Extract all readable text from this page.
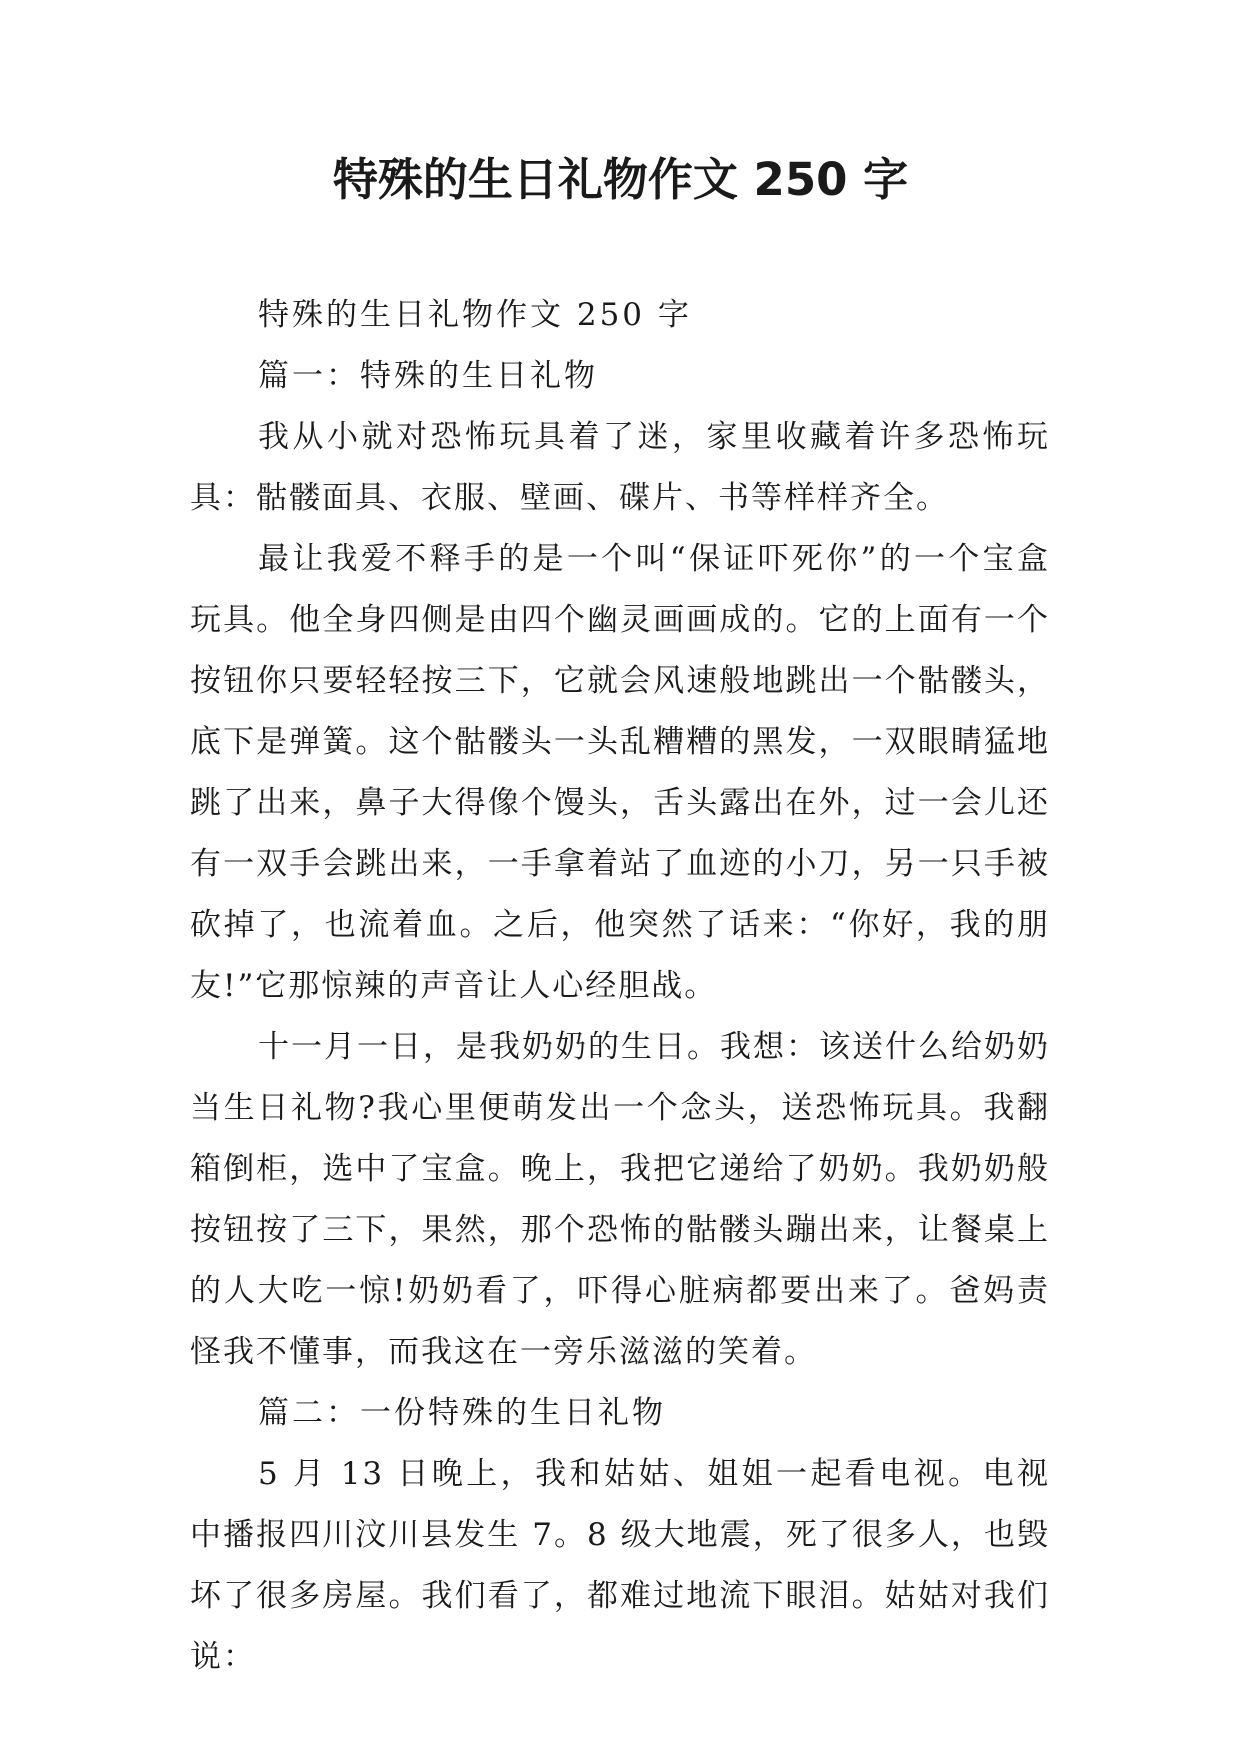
特殊的生日礼物作文 250 字

特殊的生日礼物作文 250 字

篇一：特殊的生日礼物

我从小就对恐怖玩具着了迷，家里收藏着许多恐怖玩具：骷髅面具、衣服、壁画、碟片、书等样样齐全。

最让我爱不释手的是一个叫“保证吓死你”的一个宝盒玩具。他全身四侧是由四个幽灵画画成的。它的上面有一个按钮你只要轻轻按三下，它就会风速般地跳出一个骷髅头，底下是弹簧。这个骷髅头一头乱糟糟的黑发，一双眼睛猛地跳了出来，鼻子大得像个馒头，舌头露出在外，过一会儿还有一双手会跳出来，一手拿着站了血迹的小刀，另一只手被砍掉了，也流着血。之后，他突然了话来：“你好，我的朋友!”它那惊辣的声音让人心经胆战。

十一月一日，是我奶奶的生日。我想：该送什么给奶奶当生日礼物?我心里便萌发出一个念头，送恐怖玩具。我翻箱倒柜，选中了宝盒。晚上，我把它递给了奶奶。我奶奶般按钮按了三下，果然，那个恐怖的骷髅头蹦出来，让餐桌上的人大吃一惊!奶奶看了，吓得心脏病都要出来了。爸妈责怪我不懂事，而我这在一旁乐滋滋的笑着。

篇二：一份特殊的生日礼物

5 月 13 日晚上，我和姑姑、姐姐一起看电视。电视中播报四川汶川县发生 7。8 级大地震，死了很多人，也毁坏了很多房屋。我们看了，都难过地流下眼泪。姑姑对我们说：
